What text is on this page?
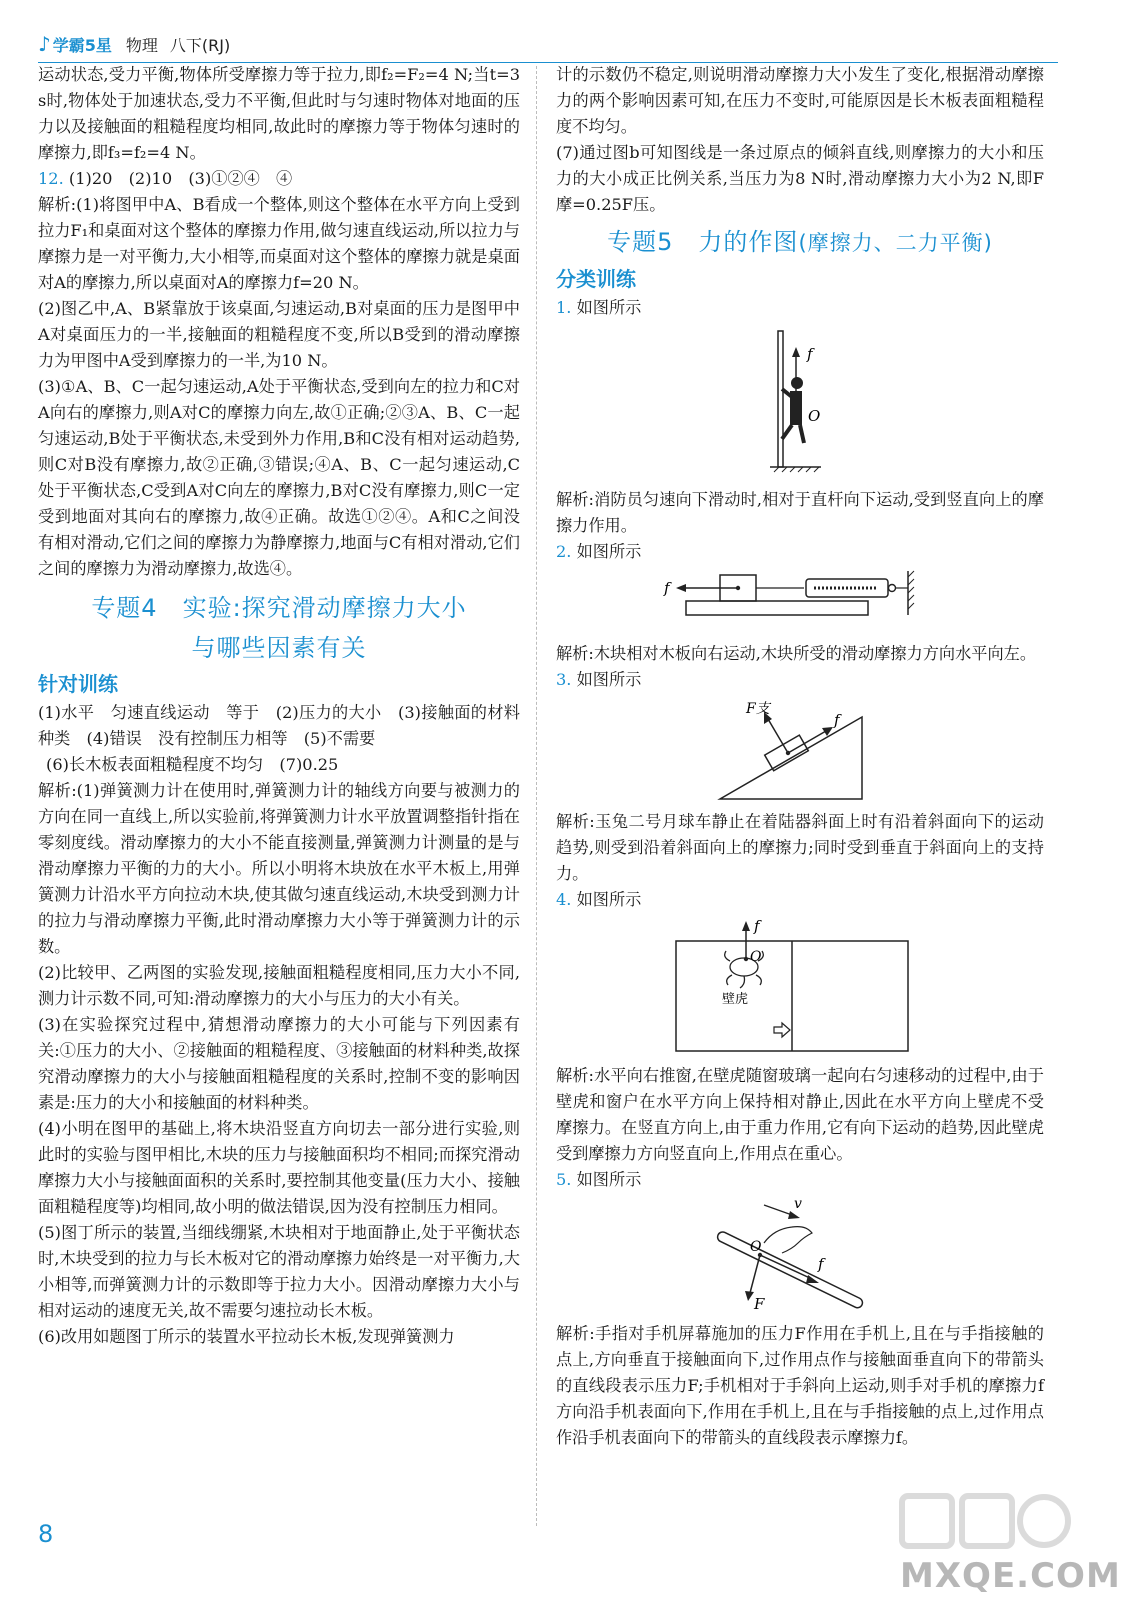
♪ 学霸5星 物理 八下(RJ)

运动状态,受力平衡,物体所受摩擦力等于拉力,即f₂=F₂=4 N;当t=3 s时,物体处于加速状态,受力不平衡,但此时与匀速时物体对地面的压力以及接触面的粗糙程度均相同,故此时的摩擦力等于物体匀速时的摩擦力,即f₃=f₂=4 N。

12. (1)20　(2)10　(3)①②④　④

解析:(1)将图甲中A、B看成一个整体,则这个整体在水平方向上受到拉力F₁和桌面对这个整体的摩擦力作用,做匀速直线运动,所以拉力与摩擦力是一对平衡力,大小相等,而桌面对这个整体的摩擦力就是桌面对A的摩擦力,所以桌面对A的摩擦力f=20 N。

(2)图乙中,A、B紧靠放于该桌面,匀速运动,B对桌面的压力是图甲中A对桌面压力的一半,接触面的粗糙程度不变,所以B受到的滑动摩擦力为甲图中A受到摩擦力的一半,为10 N。

(3)①A、B、C一起匀速运动,A处于平衡状态,受到向左的拉力和C对A向右的摩擦力,则A对C的摩擦力向左,故①正确;②③A、B、C一起匀速运动,B处于平衡状态,未受到外力作用,B和C没有相对运动趋势,则C对B没有摩擦力,故②正确,③错误;④A、B、C一起匀速运动,C处于平衡状态,C受到A对C向左的摩擦力,B对C没有摩擦力,则C一定受到地面对其向右的摩擦力,故④正确。故选①②④。A和C之间没有相对滑动,它们之间的摩擦力为静摩擦力,地面与C有相对滑动,它们之间的摩擦力为滑动摩擦力,故选④。

专题4　实验:探究滑动摩擦力大小
与哪些因素有关
针对训练

(1)水平　匀速直线运动　等于　(2)压力的大小　(3)接触面的材料种类　(4)错误　没有控制压力相等　(5)不需要

(6)长木板表面粗糙程度不均匀　(7)0.25

解析:(1)弹簧测力计在使用时,弹簧测力计的轴线方向要与被测力的方向在同一直线上,所以实验前,将弹簧测力计水平放置调整指针指在零刻度线。滑动摩擦力的大小不能直接测量,弹簧测力计测量的是与滑动摩擦力平衡的力的大小。所以小明将木块放在水平木板上,用弹簧测力计沿水平方向拉动木块,使其做匀速直线运动,木块受到测力计的拉力与滑动摩擦力平衡,此时滑动摩擦力大小等于弹簧测力计的示数。

(2)比较甲、乙两图的实验发现,接触面粗糙程度相同,压力大小不同,测力计示数不同,可知:滑动摩擦力的大小与压力的大小有关。

(3)在实验探究过程中,猜想滑动摩擦力的大小可能与下列因素有关:①压力的大小、②接触面的粗糙程度、③接触面的材料种类,故探究滑动摩擦力的大小与接触面粗糙程度的关系时,控制不变的影响因素是:压力的大小和接触面的材料种类。

(4)小明在图甲的基础上,将木块沿竖直方向切去一部分进行实验,则此时的实验与图甲相比,木块的压力与接触面积均不相同;而探究滑动摩擦力大小与接触面面积的关系时,要控制其他变量(压力大小、接触面粗糙程度等)均相同,故小明的做法错误,因为没有控制压力相同。

(5)图丁所示的装置,当细线绷紧,木块相对于地面静止,处于平衡状态时,木块受到的拉力与长木板对它的滑动摩擦力始终是一对平衡力,大小相等,而弹簧测力计的示数即等于拉力大小。因滑动摩擦力大小与相对运动的速度无关,故不需要匀速拉动长木板。

(6)改用如题图丁所示的装置水平拉动长木板,发现弹簧测力

计的示数仍不稳定,则说明滑动摩擦力大小发生了变化,根据滑动摩擦力的两个影响因素可知,在压力不变时,可能原因是长木板表面粗糙程度不均匀。

(7)通过图b可知图线是一条过原点的倾斜直线,则摩擦力的大小和压力的大小成正比例关系,当压力为8 N时,滑动摩擦力大小为2 N,即F摩=0.25F压。

专题5　力的作图(摩擦力、二力平衡)
分类训练

1. 如图所示

f
O

解析:消防员匀速向下滑动时,相对于直杆向下运动,受到竖直向上的摩擦力作用。

2. 如图所示

f

解析:木块相对木板向右运动,木块所受的滑动摩擦力方向水平向左。

3. 如图所示

F支
f

解析:玉兔二号月球车静止在着陆器斜面上时有沿着斜面向下的运动趋势,则受到沿着斜面向上的摩擦力;同时受到垂直于斜面向上的支持力。

4. 如图所示

f
O
壁虎

解析:水平向右推窗,在壁虎随窗玻璃一起向右匀速移动的过程中,由于壁虎和窗户在水平方向上保持相对静止,因此在水平方向上壁虎不受摩擦力。在竖直方向上,由于重力作用,它有向下运动的趋势,因此壁虎受到摩擦力方向竖直向上,作用点在重心。

5. 如图所示

v
O
F
f

解析:手指对手机屏幕施加的压力F作用在手机上,且在与手指接触的点上,方向垂直于接触面向下,过作用点作与接触面垂直向下的带箭头的直线段表示压力F;手机相对于手斜向上运动,则手对手机的摩擦力f方向沿手机表面向下,作用在手机上,且在与手指接触的点上,过作用点作沿手机表面向下的带箭头的直线段表示摩擦力f。

8
MXQE.COM
